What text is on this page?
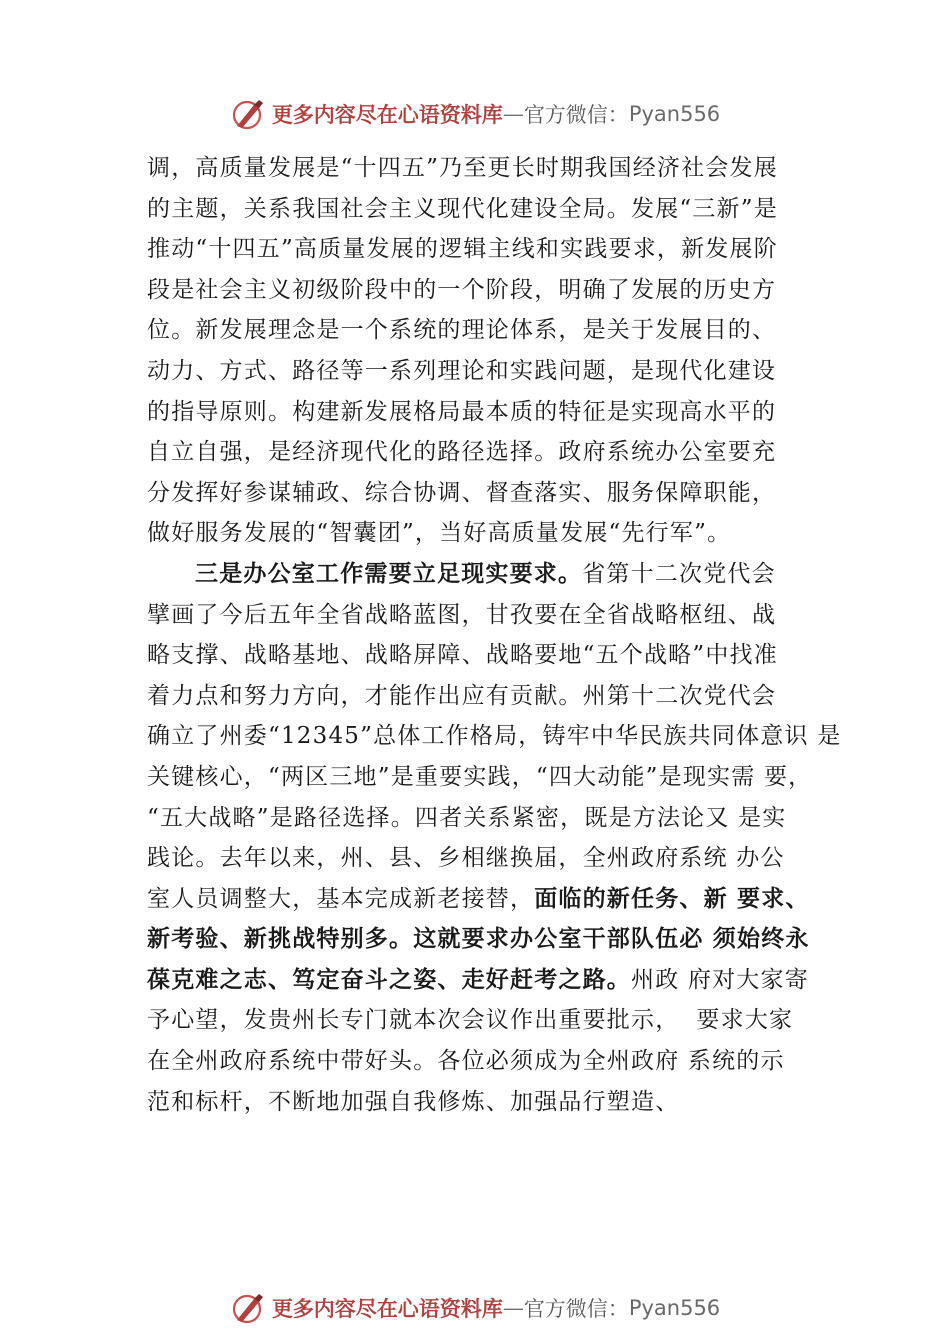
更多内容尽在心语资料库 — 官方微信： Pyan556
调，高质量发展是“十四五”乃至更长时期我国经济社会发展
的主题，关系我国社会主义现代化建设全局。发展“三新”是
推动“十四五”高质量发展的逻辑主线和实践要求，新发展阶
段是社会主义初级阶段中的一个阶段，明确了发展的历史方
位。新发展理念是一个系统的理论体系，是关于发展目的、
动力、方式、路径等一系列理论和实践问题，是现代化建设
的指导原则。构建新发展格局最本质的特征是实现高水平的
自立自强，是经济现代化的路径选择。政府系统办公室要充
分发挥好参谋辅政、综合协调、督查落实、服务保障职能，
做好服务发展的“智囊团”，当好高质量发展“先行军”。
三是办公室工作需要立足现实要求。省第十二次党代会
擘画了今后五年全省战略蓝图，甘孜要在全省战略枢纽、战
略支撑、战略基地、战略屏障、战略要地“五个战略”中找准
着力点和努力方向，才能作出应有贡献。州第十二次党代会
确立了州委“12345”总体工作格局，铸牢中华民族共同体意识 是
关键核心，“两区三地”是重要实践，“四大动能”是现实需 要，
“五大战略”是路径选择。四者关系紧密，既是方法论又 是实
践论。去年以来，州、县、乡相继换届，全州政府系统 办公
室人员调整大，基本完成新老接替，面临的新任务、新 要求、
新考验、新挑战特别多。这就要求办公室干部队伍必 须始终永
葆克难之志、笃定奋斗之姿、走好赶考之路。州政 府对大家寄
予心望，发贵州长专门就本次会议作出重要批示，  要求大家
在全州政府系统中带好头。各位必须成为全州政府 系统的示
范和标杆，不断地加强自我修炼、加强品行塑造、
更多内容尽在心语资料库 — 官方微信： Pyan556
